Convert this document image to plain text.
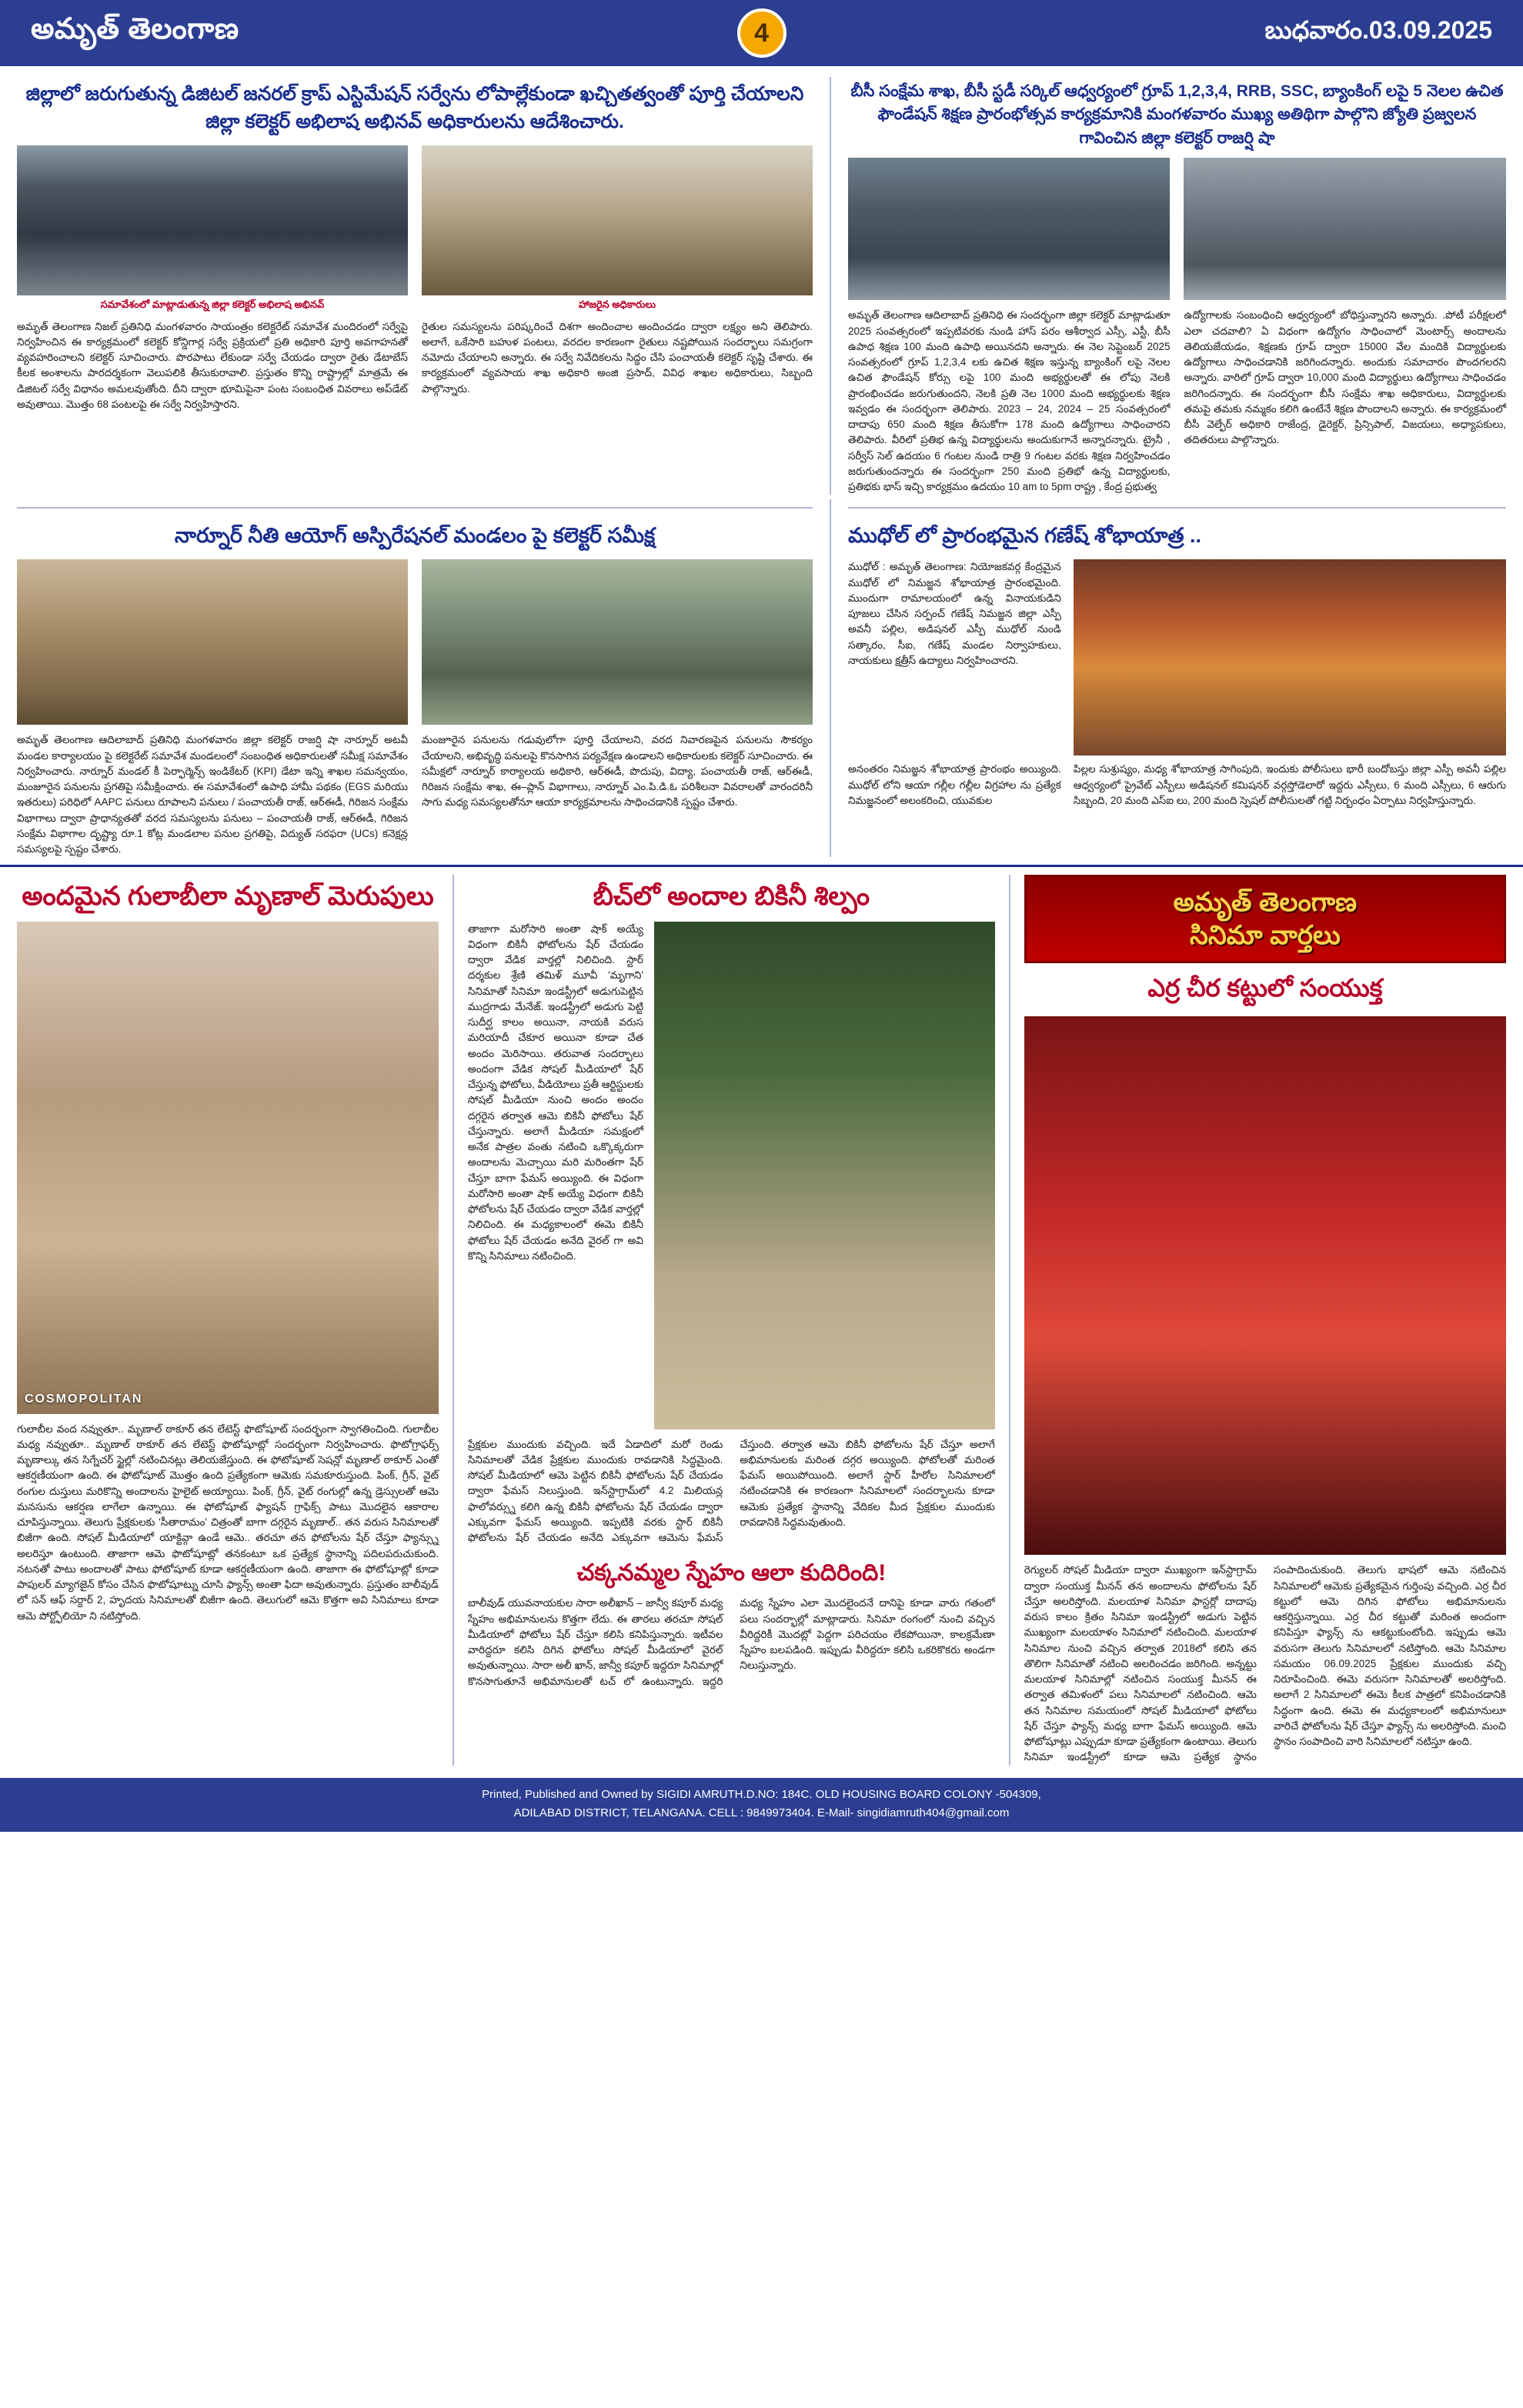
అమృత్ తెలంగాణ	4	బుధవారం.03.09.2025
జిల్లాలో జరుగుతున్న డిజిటల్ జనరల్ క్రాప్ ఎస్టిమేషన్ సర్వేను లోపాల్లేకుండా ఖచ్చితత్వంతో పూర్తి చేయాలని జిల్లా కలెక్టర్ అభిలాష అభినవ్ అధికారులను ఆదేశించారు.
సమావేశంలో మాట్లాడుతున్న జిల్లా కలెక్టర్ అభిలాష అభినవ్	హాజరైన అధికారులు
అమృత్ తెలంగాణ నిజల్ ప్రతినిధి మంగళవారం సాయంత్రం కలెక్టరేట్ సమావేశ మందిరంలో సర్వేపై నిర్వహించిన ఈ కార్యక్రమంలో కలెక్టర్ కోన్డిగార్ల సర్వే ప్రక్రియలో ప్రతి అధికారి పూర్తి అవగాహనతో వ్యవహరించాలని కలెక్టర్ సూచించారు. పొరపాటు లేకుండా సర్వే చేయడం ద్వారా రైతు డేటాబేస్ కీలక అంశాలను పారదర్శకంగా వెలుపలికి తీసుకురావాలి. ప్రస్తుతం కొన్ని రాష్ట్రాల్లో మాత్రమే ఈ డిజిటల్ సర్వే విధానం అమలవుతోంది. దీని ద్వారా భూమిపైనా పంట సంబంధిత వివరాలు అప్‌డేట్ అవుతాయి. మొత్తం 68 పంటలపై ఈ సర్వే నిర్వహిస్తారని.
రైతుల సమస్యలను పరిష్కరించే దిశగా అందించాల అందించడం ద్వారా లక్ష్యం అని తెలిపారు. అలాగే, ఒకేసారి బహుళ పంటలు, వరదల కారణంగా రైతులు నష్టపోయిన సందర్భాలు సమగ్రంగా నమోదు చేయాలని అన్నారు. ఈ సర్వే నివేదికలను సిద్ధం చేసి పంచాయతీ కలెక్టర్ సృష్టి చేశారు. ఈ కార్యక్రమంలో వ్యవసాయ శాఖ అధికారి అంజి ప్రసాద్, వివిధ శాఖల అధికారులు, సిబ్బంది పాల్గొన్నారు.
బీసీ సంక్షేమ శాఖ, బీసీ స్టడీ సర్కిల్ ఆధ్వర్యంలో గ్రూప్ 1,2,3,4, RRB, SSC, బ్యాంకింగ్ లపై 5 నెలల ఉచిత ఫౌండేషన్ శిక్షణ ప్రారంభోత్సవ కార్యక్రమానికి మంగళవారం ముఖ్య అతిథిగా పాల్గొని జ్యోతి ప్రజ్వలన గావించిన జిల్లా కలెక్టర్ రాజర్షి షా
అమృత్ తెలంగాణ ఆదిలాబాద్ ప్రతినిధి ఈ సందర్భంగా జిల్లా కలెక్టర్ మాట్లాడుతూ 2025 సంవత్సరంలో ఇప్పటివరకు నుండి హాస్ పరం ఆశీర్వాద ఎస్సీ, ఎస్టీ, బీసీ ఉపాధ శిక్షణ 100 మంది ఉపాధి అయినదని అన్నారు. ఈ నెల సెప్టెంబర్ 2025 సంవత్సరంలో గ్రూప్ 1,2,3,4 లకు ఉచిత శిక్షణ ఇస్తున్న బ్యాంకింగ్ లపై నెలల ఉచిత ఫౌండేషన్ కోర్సు లపై 100 మంది అభ్యర్థులతో ఈ లోపు నెలకి ప్రారంభించడం జరుగుతుందని, నెలకి ప్రతి నెల 1000 మంది అభ్యర్థులకు శిక్షణ ఇవ్వడం ఈ సందర్భంగా తెలిపారు. 2023 – 24, 2024 – 25 సంవత్సరంలో దాదాపు 650 మంది శిక్షణ తీసుకోగా 178 మంది ఉద్యోగాలు సాధించారని తెలిపారు. వీరిలో ప్రతిభ ఉన్న విద్యార్థులను అందుకుగానే అన్నారన్నారు. ట్రైనీ , సర్వీస్ సెల్ ఉదయం 6 గంటల నుండి రాత్రి 9 గంటల వరకు శిక్షణ నిర్వహించడం జరుగుతుందన్నారు ఈ సందర్భంగా 250 మంది ప్రతిభో ఉన్న విద్యార్థులకు, ప్రతిభకు భాస్ ఇచ్చి కార్యక్రమం ఉదయం 10 am to 5pm రాష్ట్ర , కేంద్ర ప్రభుత్వ
ఉద్యోగాలకు సంబంధించి ఆధ్వర్యంలో బోధిస్తున్నారని అన్నారు. .పోటీ పరీక్షలలో ఎలా చదవాలి? ఏ విధంగా ఉద్యోగం సాధించాలో మెంటార్స్ అందాలను తెలియజేయడం, శిక్షణకు గ్రూప్ ద్వారా 15000 వేల మందికి విద్యార్థులకు ఉద్యోగాలు సాధించడానికి జరిగిందన్నారు. అందుకు సమాచారం పొందగలరని అన్నారు. వారిలో గ్రూప్ ద్వారా 10,000 మంది విద్యార్థులు ఉద్యోగాలు సాధించడం జరిగిందన్నారు. ఈ సందర్భంగా బీసీ సంక్షేమ శాఖ అధికారులు, విద్యార్థులకు తమపై తమకు నమ్మకం కలిగి ఉంటేనే శిక్షణ పొందాలని అన్నారు. ఈ కార్యక్రమంలో బీసీ వెల్ఫేర్ అధికారి రాజేంద్ర, డైరెక్టర్, ప్రిన్సిపాల్, విజయలు, అధ్యాపకులు, తదితరులు పాల్గొన్నారు.
నార్నూర్ నీతి ఆయోగ్ అస్పిరేషనల్ మండలం పై కలెక్టర్ సమీక్ష
అమృత్ తెలంగాణ ఆదిలాబాద్ ప్రతినిధి మంగళవారం జిల్లా కలెక్టర్ రాజర్షి షా నార్నూర్ అటవీ మండల కార్యాలయం పై కలెక్టరేట్ సమావేశ మండలంలో సంబంధిత అధికారులతో సమీక్ష సమావేశం నిర్వహించారు. నార్నూర్ మండల్ కీ పెర్ఫార్మెన్స్ ఇండికేటర్ (KPI) డేటా ఇన్ని శాఖల సమన్వయం, మంజూరైన పనులను ప్రగతిపై సమీక్షించారు. ఈ సమావేశంలో ఉపాధి హామీ పథకం (EGS మరియు ఇతరులు) పరిధిలో AAPC పనులు రూపాలని పనులు / పంచాయతీ రాజ్, ఆర్ఈడీ, గిరిజన సంక్షేమ విభాగాలు ద్వారా ప్రాధాన్యతతో వరద సమస్యలను పనులు – పంచాయతీ రాజ్, ఆర్ఈడీ, గిరిజన సంక్షేమ విభాగాల దృష్ట్యా రూ.1 కోట్ల మండలాల పనుల ప్రగతిపై, విద్యుత్ సరఫరా (UCs) కనెక్షన్ల సమస్యలపై స్పష్టం చేశారు.
మంజూరైన పనులను గడువులోగా పూర్తి చేయాలని, వరద నివారణపైన పనులను సౌకర్యం చేయాలని, అభివృద్ధి పనులపై కొనసాగిన పర్యవేక్షణ ఉండాలని అధికారులకు కలెక్టర్ సూచించారు. ఈ సమీక్షలో నార్నూర్ కార్యాలయ అధికారి, ఆర్ఈడీ, పొదుపు, విద్యా, పంచాయతీ రాజ్, ఆర్ఈడీ, గిరిజన సంక్షేమ శాఖ, ఈ–ప్లాన్ విభాగాలు, నార్నూర్ ఎం.పి.డి.ఓ పరిశీలనా వివరాలతో వారందరినీ సాగు మధ్య సమస్యలతోనూ ఆయా కార్యక్రమాలను సాధించడానికి స్పష్టం చేశారు.
ముధోల్ లో ప్రారంభమైన గణేష్ శోభాయాత్ర ..
ముధోల్ : అమృత్ తెలంగాణ: నియోజకవర్గ కేంద్రమైన ముధోల్ లో నిమజ్జన శోభాయాత్ర ప్రారంభమైంది. ముందుగా రామాలయంలో ఉన్న వినాయకుడిని పూజలు చేసిన సర్పంచ్ గణేష్ నిమజ్జన జిల్లా ఎస్పీ అవనీ పల్లిల, అడిషనల్ ఎస్పీ ముధోల్ నుండి సత్కారం, సీఐ, గణేష్ మండల నిర్వాహకులు, నాయకులు క్షత్రీస్ ఉద్యాలు నిర్వహించారని.
అనంతరం నిమజ్జన శోభాయాత్ర ప్రారంభం అయ్యింది. ముధోల్ లోని ఆయా గల్లీల గల్లీల విగ్రహాల ను ప్రత్యేక నిమజ్జనంలో అలంకరించి, యువకుల
పిల్లల సుశ్రుష్యం, మధ్య శోభాయాత్ర సాగింపుది, ఇందుకు పోలీసులు భారీ బందోబస్తు జిల్లా ఎస్పీ అవనీ పల్లిల ఆధ్వర్యంలో ప్రైవేట్ ఎస్పీలు అడిషనల్ కమిషనర్ వర్గస్తోడెలారో ఇద్దరు ఎస్సీలు, 6 మంది ఎస్సీలు, 6 ఆరుగు సిబ్బంది, 20 మంది ఎస్ఐ లు, 200 మంది స్పెషల్ పోలీసులతో గట్టి నిర్బంధం ఏర్పాటు నిర్వహిస్తున్నారు.
అందమైన గులాబీలా మృణాల్ మెరుపులు
COSMOPOLITAN
గులాబీల వంద నవ్వుతూ.. మృణాల్ ఠాకూర్ తన లేటెస్ట్ ఫొటోషూట్ సందర్భంగా స్వాగతించింది. గులాబీల మధ్య నవ్వుతూ.. మృణాల్ ఠాకూర్ తన లేటెస్ట్ ఫొటోషూట్లో సందర్భంగా నిర్వహించారు. ఫొటోగ్రాఫర్స్ మృణాల్కు తన సిగ్నేచర్ స్టైల్లో నటించినట్లు తెలియజేస్తుంది. ఈ ఫోటోషూట్ సెషన్లో మృణాల్ ఠాకూర్ ఎంతో ఆకర్షణీయంగా ఉంది. ఈ ఫోటోషూట్ మొత్తం ఉంది ప్రత్యేకంగా ఆమెకు సమకూరుస్తుంది. పింక్, గ్రీన్, వైట్ రంగుల దుస్తులు మరికొన్ని అందాలను హైలైట్ అయ్యాయి. పింక్, గ్రీన్, వైట్ రంగుల్లో ఉన్న డ్రెస్సులతో ఆమె మనసును ఆకర్షణ లాగేలా ఉన్నాయి. ఈ ఫోటోషూట్ ఫ్యాషన్ గ్రాఫిక్స్ పాటు మొదలైన ఆకారాల చూపిస్తున్నాయి. తెలుగు ప్రేక్షకులకు 'సీతారామం' చిత్రంతో బాగా దగ్గరైన మృణాల్.. తన వరుస సినిమాలతో బిజీగా ఉంది. సోషల్ మీడియాలో యాక్టివ్గా ఉండే ఆమె.. తరచూ తన ఫోటోలను షేర్ చేస్తూ ఫ్యాన్స్ను అలరిస్తూ ఉంటుంది. తాజాగా ఆమె ఫొటోషూట్లో తనకంటూ ఒక ప్రత్యేక స్థానాన్ని పదిలపరుచుకుంది. నటనతో పాటు అందాలతో పాటు ఫోటోషూట్ కూడా ఆకర్షణీయంగా ఉంది. తాజాగా ఈ ఫోటోషూట్లో కూడా పాపులర్ మ్యాగజైన్ కోసం చేసిన ఫొటోషూట్ను చూసి ఫ్యాన్స్ అంతా ఫిదా అవుతున్నారు. ప్రస్తుతం బాలీవుడ్ లో సన్ ఆఫ్ సర్దార్ 2, హృదయ సినిమాలతో బిజీగా ఉంది. తెలుగులో ఆమె కొత్తగా అవి సినిమాలు కూడా ఆమె పోర్ట్ఫోలియో ని నటిస్తోంది.
బీచ్‌లో అందాల బికినీ శిల్పం
తాజాగా మరోసారి అంతా షాక్ అయ్యే విధంగా బికినీ ఫోటోలను షేర్ చేయడం ద్వారా వేడిక వార్తల్లో నిలిచింది. స్టార్ దర్శకుల శ్రేణి తమిళ్ మూవీ 'మృగాని' సినిమాతో సినిమా ఇండస్ట్రీలో అడుగుపెట్టిన ముద్రగాడు మేనేజ్. ఇండస్ట్రీలో అడుగు పెట్టి సుదీర్ఘ కాలం అయినా, నాయకి వరుస మరియాదీ చేకూర అయినా కూడా చేత అందం మెరిసాయి. తరువాత సందర్భాలు అందంగా వేడిక సోషల్ మీడియాలో షేర్ చేస్తున్న ఫోటోలు, వీడియోలు ప్రతీ ఆర్టిస్టులకు సోషల్ మీడియా నుంచి అందం అందం దగ్గరైన తర్వాత ఆమె బికినీ ఫోటోలు షేర్ చేస్తున్నారు. అలాగే మీడియా సమక్షంలో అనేక పాత్రల వంతు నటించి ఒక్కొక్కరుగా అందాలను మెచ్చాయి మరి మరింతగా షేర్ చేస్తూ బాగా ఫేమస్ అయ్యింది. ఈ విధంగా మరోసారి అంతా షాక్ అయ్యే విధంగా బికినీ ఫోటోలను షేర్ చేయడం ద్వారా వేడిక వార్తల్లో నిలిచింది. ఈ మధ్యకాలంలో ఈమె బికినీ ఫోటోలు షేర్ చేయడం అనేది వైరల్ గా అవి కొన్ని సినిమాలు నటించింది.
ప్రేక్షకుల ముందుకు వచ్చింది. ఇదే ఏడాదిలో మరో రెండు సినిమాలతో వేడిక ప్రేక్షకుల ముందుకు రావడానికి సిద్ధమైంది. సోషల్ మీడియాలో ఆమె పెట్టిన బికినీ ఫోటోలను షేర్ చేయడం ద్వారా ఫేమస్ నిలుస్తుంది. ఇన్‌స్టాగ్రామ్‌లో 4.2 మిలియన్ల ఫాలోవర్స్ను కలిగి ఉన్న బికినీ ఫోటోలను షేర్ చేయడం ద్వారా ఎక్కువగా ఫేమస్ అయ్యింది. ఇప్పటికి వరకు స్టార్ బికినీ ఫోటోలను షేర్ చేయడం అనేది ఎక్కువగా ఆమెను ఫేమస్ చేస్తుంది. తర్వాత ఆమె బికినీ ఫోటోలను షేర్ చేస్తూ అలాగే అభిమానులకు మరింత దగ్గర అయ్యింది. ఫోటోలతో మరింత ఫేమస్ అయిపోయింది. అలాగే స్టార్ హీరోల సినిమాలలో నటించడానికి ఈ కారణంగా సినిమాలలో సందర్భాలను కూడా ఆమెకు ప్రత్యేక స్థానాన్ని వేదికల మీద ప్రేక్షకుల ముందుకు రావడానికి సిద్ధమవుతుంది.
చక్కనమ్మల స్నేహం ఆలా కుదిరింది!
బాలీవుడ్ యువనాయకుల సారా అలీఖాన్ – జాన్వీ కపూర్ మధ్య స్నేహం అభిమానులను కొత్తగా లేదు. ఈ తారలు తరచూ సోషల్ మీడియాలో ఫోటోలు షేర్ చేస్తూ కలిసి కనిపిస్తున్నారు. ఇటీవల వారిద్దరూ కలిసి దిగిన ఫోటోలు సోషల్ మీడియాలో వైరల్ అవుతున్నాయి. సారా అలీ ఖాన్, జాన్వీ కపూర్ ఇద్దరూ సినిమాల్లో కొనసాగుతూనే అభిమానులతో టచ్ లో ఉంటున్నారు. ఇద్దరి మధ్య స్నేహం ఎలా మొదలైందనే దానిపై కూడా వారు గతంలో పలు సందర్భాల్లో మాట్లాడారు. సినిమా రంగంలో నుంచి వచ్చిన వీరిద్దరికీ మొదట్లో పెద్దగా పరిచయం లేకపోయినా, కాలక్రమేణా స్నేహం బలపడింది. ఇప్పుడు వీరిద్దరూ కలిసి ఒకరికొకరు అండగా నిలుస్తున్నారు.
అమృత్ తెలంగాణ
సినిమా వార్తలు
ఎర్ర చీర కట్టులో సంయుక్త
రెగ్యులర్ సోషల్ మీడియా ద్వారా ముఖ్యంగా ఇన్‌స్టాగ్రామ్ ద్వారా సంయుక్త మీనన్ తన అందాలను ఫోటోలను షేర్ చేస్తూ అలరిస్తోంది. మలయాళ సినిమా ఫాస్టర్లో దాదాపు వరుస కాలం క్రితం సినిమా ఇండస్ట్రీలో అడుగు పెట్టిన ముఖ్యంగా మలయాళం సినిమాలో నటించింది. మలయాళ సినిమాల నుంచి వచ్చిన తర్వాత 2018లో కలిసి తన తొలిగా సినిమాతో నటించి అలరించడం జరిగింది. అన్నట్టు మలయాళ సినిమాల్లో నటించిన సంయుక్త మీనన్ ఈ తర్వాత తమిళంలో పలు సినిమాలలో నటించింది. ఆమె తన సినిమాల సమయంలో సోషల్ మీడియాలో ఫోటోలు షేర్ చేస్తూ ఫ్యాన్స్ మధ్య బాగా ఫేమస్ అయ్యింది. ఆమె ఫోటోషూట్లు ఎప్పుడూ కూడా ప్రత్యేకంగా ఉంటాయి. తెలుగు సినిమా ఇండస్ట్రీలో కూడా ఆమె ప్రత్యేక స్థానం సంపాదించుకుంది. తెలుగు భాషలో ఆమె నటించిన సినిమాలలో ఆమెకు ప్రత్యేకమైన గుర్తింపు వచ్చింది. ఎర్ర చీర కట్టులో ఆమె దిగిన ఫోటోలు అభిమానులను ఆకర్షిస్తున్నాయి. ఎర్ర చీర కట్టుతో మరింత అందంగా కనిపిస్తూ ఫ్యాన్స్ ను ఆకట్టుకుంటోంది. ఇప్పుడు ఆమె వరుసగా తెలుగు సినిమాలలో నటిస్తోంది. ఆమె సినిమాల సమయం 06.09.2025 ప్రేక్షకుల ముందుకు వచ్చి నిరూపించింది. ఈమె వరుసగా సినిమాలతో అలరిస్తోంది. అలాగే 2 సినిమాలలో ఈమె కీలక పాత్రలో కనిపించడానికి సిద్ధంగా ఉంది. ఈమె ఈ మధ్యకాలంలో అభిమానులూ వారిచే ఫోటోలను షేర్ చేస్తూ ఫ్యాన్స్ ను అలరిస్తోంది. మంచి స్థానం సంపాదించి వారి సినిమాలలో నటిస్తూ ఉంది.
Printed, Published and Owned by SIGIDI AMRUTH.D.NO: 184C. OLD HOUSING BOARD COLONY -504309,
ADILABAD DISTRICT, TELANGANA. CELL : 9849973404. E-Mail- singidiamruth404@gmail.com
